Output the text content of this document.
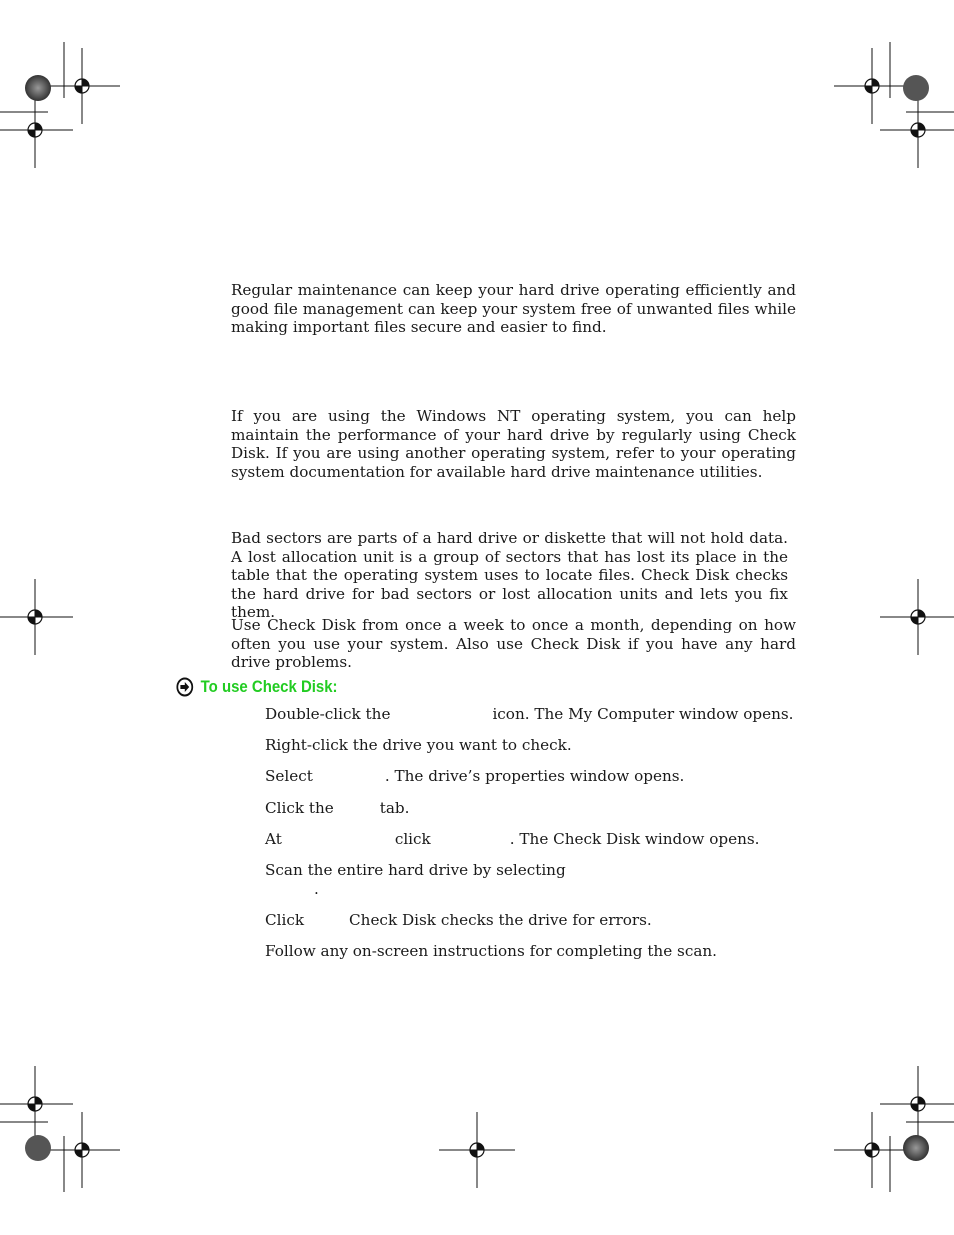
Regular maintenance can keep your hard drive operating efficiently and good file management can keep your system free of unwanted files while making important files secure and easier to find.

If you are using the Windows NT operating system, you can help maintain the performance of your hard drive by regularly using Check Disk. If you are using another operating system, refer to your operating system documentation for available hard drive maintenance utilities.

Bad sectors are parts of a hard drive or diskette that will not hold data. A lost allocation unit is a group of sectors that has lost its place in the table that the operating system uses to locate files. Check Disk checks the hard drive for bad sectors or lost allocation units and lets you fix them.

Use Check Disk from once a week to once a month, depending on how often you use your system. Also use Check Disk if you have any hard drive problems.

To use Check Disk:
Double-click the	icon. The My Computer window opens.
Right-click the drive you want to check.
Select	. The drive’s properties window opens.
Click the	tab.
At	click	. The Check Disk window opens.
Scan the entire hard drive by selecting
.
Click	Check Disk checks the drive for errors.
Follow any on-screen instructions for completing the scan.
